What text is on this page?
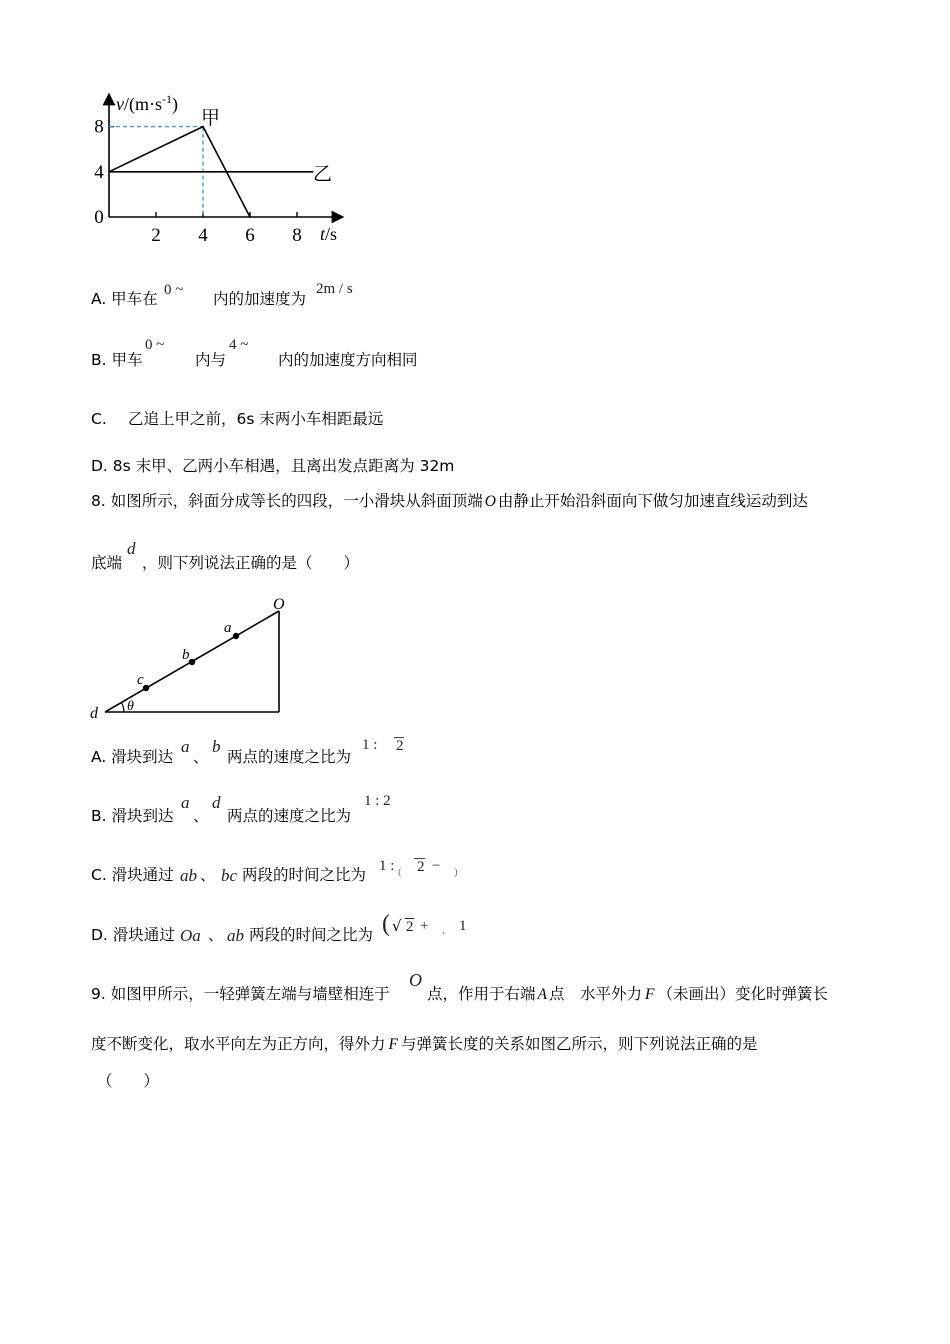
2 4 6 8
0
4
8
$v/(m\cdot s^{-1})$
t/s
甲
乙
A. 甲车在 0 ~ 内的加速度为
2m / s
B. 甲车
0 ~
内与
4 ~
内的加速度方向相同
C. 乙追上甲之前，6s 末两小车相距最远
D. 8s 末甲、乙两小车相遇，且离出发点距离为 32m
8. 如图所示，斜面分成等长的四段，一小滑块从斜面顶端 O 由静止开始沿斜面向下做匀加速直线运动到达
底端
d
，则下列说法正确的是（　　）
O
a
b
c
d θ
A. 滑块到达
a
、
b
两点的速度之比为
1 : 2
B. 滑块到达
a
、
d
两点的速度之比为
1 : 2
C. 滑块通过 ab 、 bc 两段的时间之比为 1 : ( 2 − )
D. 滑块通过 Oa 、 ab 两段的时间之比为 ( √ 2 + , 1
9. 如图甲所示，一轻弹簧左端与墙壁相连于
O
点，作用于右端 A 点　水平外力 F （未画出）变化时弹簧长
度不断变化，取水平向左为正方向，得外力 F 与弹簧长度的关系如图乙所示，则下列说法正确的是
（　　）
